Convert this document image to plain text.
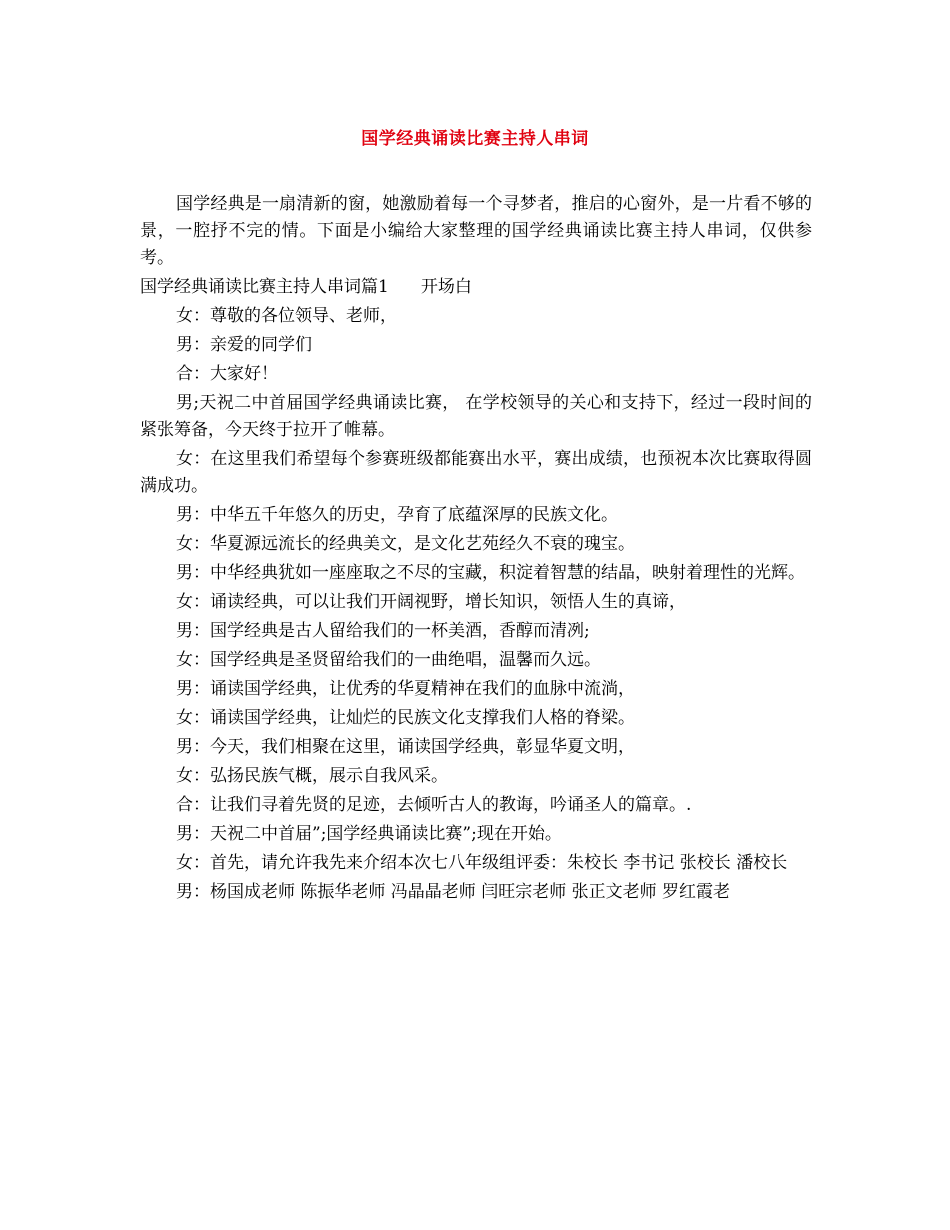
国学经典诵读比赛主持人串词

国学经典是一扇清新的窗，她激励着每一个寻梦者，推启的心窗外，是一片看不够的景，一腔抒不完的情。下面是小编给大家整理的国学经典诵读比赛主持人串词，仅供参考。

国学经典诵读比赛主持人串词篇1 开场白

女：尊敬的各位领导、老师，

男：亲爱的同学们

合：大家好！

男;天祝二中首届国学经典诵读比赛， 在学校领导的关心和支持下，经过一段时间的紧张筹备，今天终于拉开了帷幕。

女：在这里我们希望每个参赛班级都能赛出水平，赛出成绩，也预祝本次比赛取得圆满成功。

男：中华五千年悠久的历史，孕育了底蕴深厚的民族文化。

女：华夏源远流长的经典美文，是文化艺苑经久不衰的瑰宝。

男：中华经典犹如一座座取之不尽的宝藏，积淀着智慧的结晶，映射着理性的光辉。

女：诵读经典，可以让我们开阔视野，增长知识，领悟人生的真谛，

男：国学经典是古人留给我们的一杯美酒，香醇而清冽;

女：国学经典是圣贤留给我们的一曲绝唱，温馨而久远。

男：诵读国学经典，让优秀的华夏精神在我们的血脉中流淌，

女：诵读国学经典，让灿烂的民族文化支撑我们人格的脊梁。

男：今天，我们相聚在这里，诵读国学经典，彰显华夏文明，

女：弘扬民族气概，展示自我风采。

合：让我们寻着先贤的足迹，去倾听古人的教诲，吟诵圣人的篇章。.

男：天祝二中首届”;国学经典诵读比赛”;现在开始。

女：首先，请允许我先来介绍本次七八年级组评委：朱校长 李书记 张校长 潘校长

男：杨国成老师 陈振华老师 冯晶晶老师 闫旺宗老师 张正文老师 罗红霞老
